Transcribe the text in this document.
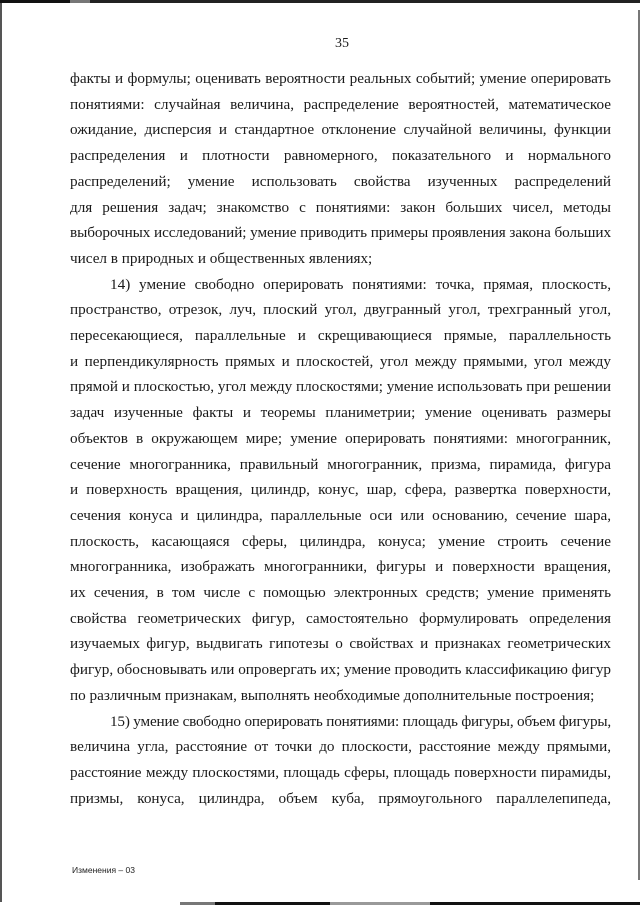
35
факты и формулы; оценивать вероятности реальных событий; умение оперировать
понятиями: случайная величина, распределение вероятностей, математическое
ожидание, дисперсия и стандартное отклонение случайной величины, функции
распределения и плотности равномерного, показательного и нормального
распределений; умение использовать свойства изученных распределений
для решения задач; знакомство с понятиями: закон больших чисел, методы
выборочных исследований; умение приводить примеры проявления закона больших
чисел в природных и общественных явлениях;
14) умение свободно оперировать понятиями: точка, прямая, плоскость,
пространство, отрезок, луч, плоский угол, двугранный угол, трехгранный угол,
пересекающиеся, параллельные и скрещивающиеся прямые, параллельность
и перпендикулярность прямых и плоскостей, угол между прямыми, угол между
прямой и плоскостью, угол между плоскостями; умение использовать при решении
задач изученные факты и теоремы планиметрии; умение оценивать размеры
объектов в окружающем мире; умение оперировать понятиями: многогранник,
сечение многогранника, правильный многогранник, призма, пирамида, фигура
и поверхность вращения, цилиндр, конус, шар, сфера, развертка поверхности,
сечения конуса и цилиндра, параллельные оси или основанию, сечение шара,
плоскость, касающаяся сферы, цилиндра, конуса; умение строить сечение
многогранника, изображать многогранники, фигуры и поверхности вращения,
их сечения, в том числе с помощью электронных средств; умение применять
свойства геометрических фигур, самостоятельно формулировать определения
изучаемых фигур, выдвигать гипотезы о свойствах и признаках геометрических
фигур, обосновывать или опровергать их; умение проводить классификацию фигур
по различным признакам, выполнять необходимые дополнительные построения;
15) умение свободно оперировать понятиями: площадь фигуры, объем фигуры,
величина угла, расстояние от точки до плоскости, расстояние между прямыми,
расстояние между плоскостями, площадь сферы, площадь поверхности пирамиды,
призмы, конуса, цилиндра, объем куба, прямоугольного параллелепипеда,
Изменения – 03
